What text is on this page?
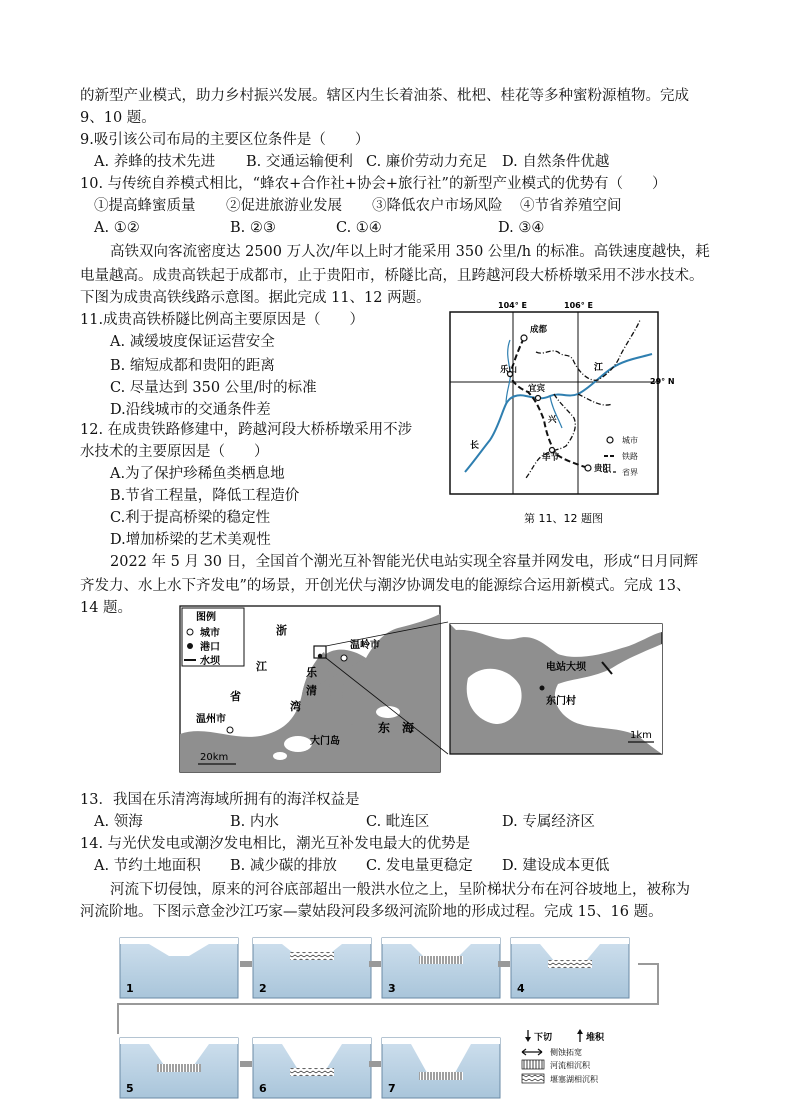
的新型产业模式，助力乡村振兴发展。辖区内生长着油茶、枇杷、桂花等多种蜜粉源植物。完成
9、10 题。
9.吸引该公司布局的主要区位条件是（　　）
A. 养蜂的技术先进 B. 交通运输便利 C. 廉价劳动力充足 D. 自然条件优越
10. 与传统自养模式相比，“蜂农+合作社+协会+旅行社”的新型产业模式的优势有（　　）
①提高蜂蜜质量 ②促进旅游业发展 ③降低农户市场风险 ④节省养殖空间
A. ①②	B. ②③	C. ①④	D. ③④
高铁双向客流密度达 2500 万人次/年以上时才能采用 350 公里/h 的标准。高铁速度越快，耗
电量越高。成贵高铁起于成都市，止于贵阳市，桥隧比高，且跨越河段大桥桥墩采用不涉水技术。
下图为成贵高铁线路示意图。据此完成 11、12 两题。
11.成贵高铁桥隧比例高主要原因是（　　）
A. 减缓坡度保证运营安全
B. 缩短成都和贵阳的距离
C. 尽量达到 350 公里/时的标准
D.沿线城市的交通条件差
12. 在成贵铁路修建中，跨越河段大桥桥墩采用不涉
水技术的主要原因是（　　）
A.为了保护珍稀鱼类栖息地
B.节省工程量，降低工程造价
C.利于提高桥梁的稳定性
D.增加桥梁的艺术美观性
104° E	106° E
29° N
成都
乐山
宜宾
毕节
贵阳
江
长
兴
城市
铁路
省界
第 11、12 题图
2022 年 5 月 30 日，全国首个潮光互补智能光伏电站实现全容量并网发电，形成“日月同辉
齐发力、水上水下齐发电”的场景，开创光伏与潮汐协调发电的能源综合运用新模式。完成 13、
14 题。
图例
城市
港口
水坝
浙
江
省
温岭市
温州市
乐
清
湾
东　海
大门岛
20km
电站大坝
东门村
1km
13．我国在乐清湾海域所拥有的海洋权益是
A. 领海	B. 内水	C. 毗连区	D. 专属经济区
14. 与光伏发电或潮汐发电相比，潮光互补发电最大的优势是
A. 节约土地面积 B. 减少碳的排放 C. 发电量更稳定 D. 建设成本更低
河流下切侵蚀，原来的河谷底部超出一般洪水位之上，呈阶梯状分布在河谷坡地上，被称为
河流阶地。下图示意金沙江巧家—蒙姑段河段多级河流阶地的形成过程。完成 15、16 题。
1	2	3	4
5	6	7
下切	堆积
侧蚀拓宽
河流相沉积
堰塞湖相沉积
